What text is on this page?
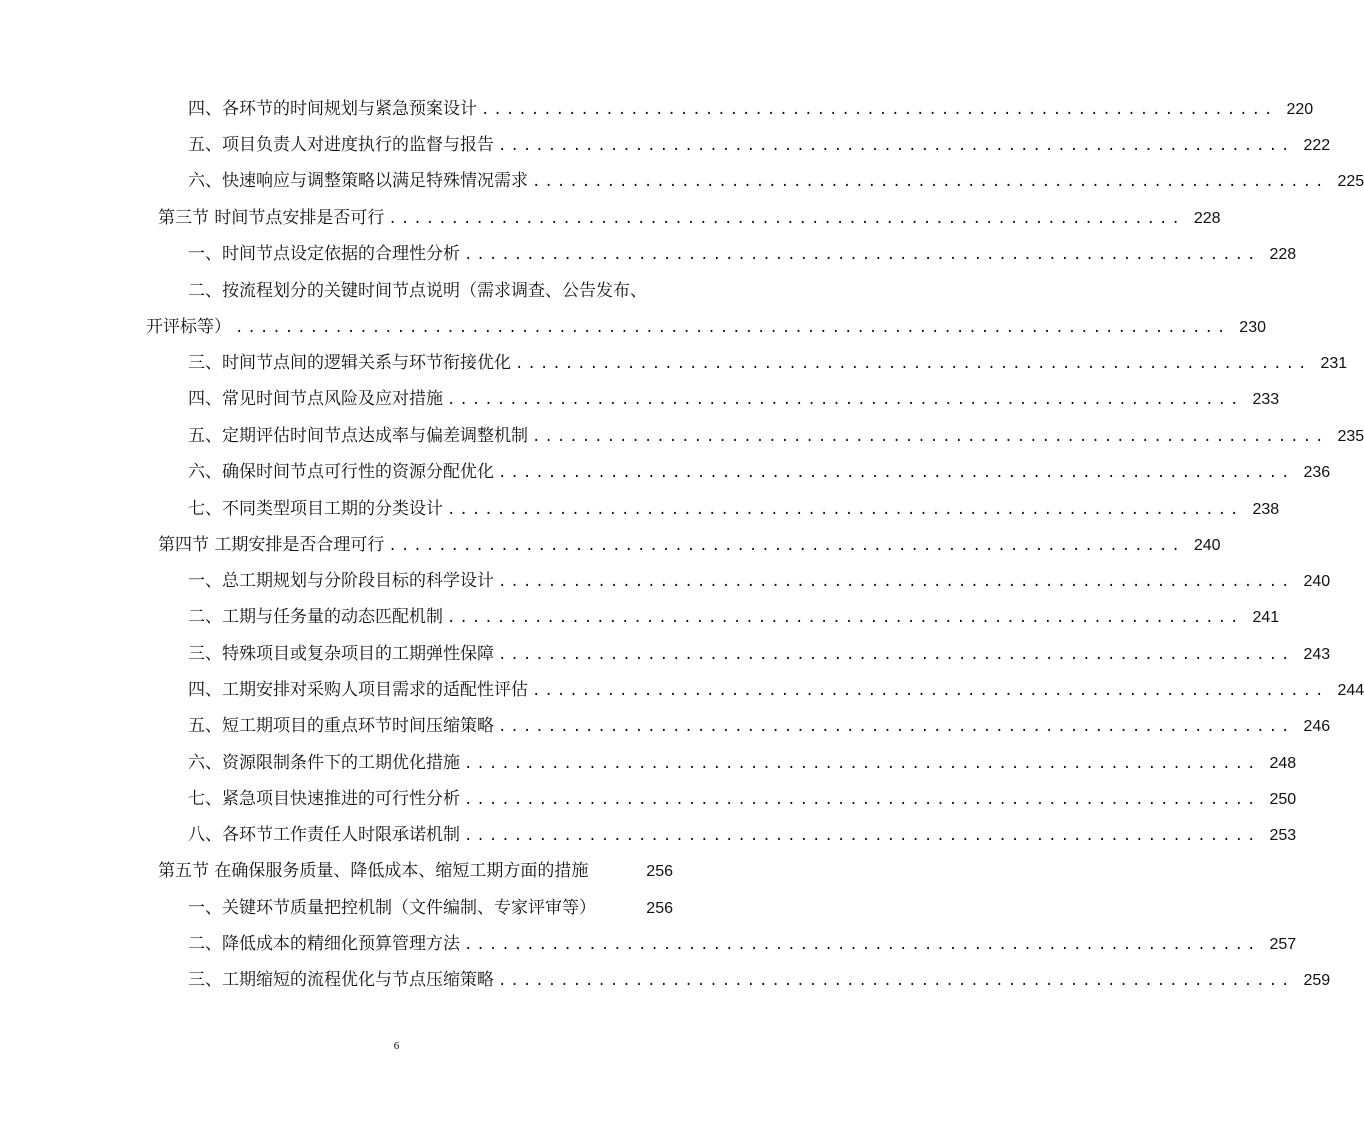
四、各环节的时间规划与紧急预案设计 ................................................................ 220
五、项目负责人对进度执行的监督与报告 ................................................................ 222
六、快速响应与调整策略以满足特殊情况需求 ................................................................ 225
第三节 时间节点安排是否可行 ................................................................ 228
一、时间节点设定依据的合理性分析 ................................................................ 228
二、按流程划分的关键时间节点说明（需求调查、公告发布、
开评标等） ................................................................................ 230
三、时间节点间的逻辑关系与环节衔接优化 ................................................................ 231
四、常见时间节点风险及应对措施 ................................................................ 233
五、定期评估时间节点达成率与偏差调整机制 ................................................................ 235
六、确保时间节点可行性的资源分配优化 ................................................................ 236
七、不同类型项目工期的分类设计 ................................................................ 238
第四节 工期安排是否合理可行 ................................................................ 240
一、总工期规划与分阶段目标的科学设计 ................................................................ 240
二、工期与任务量的动态匹配机制 ................................................................ 241
三、特殊项目或复杂项目的工期弹性保障 ................................................................ 243
四、工期安排对采购人项目需求的适配性评估 ................................................................ 244
五、短工期项目的重点环节时间压缩策略 ................................................................ 246
六、资源限制条件下的工期优化措施 ................................................................ 248
七、紧急项目快速推进的可行性分析 ................................................................ 250
八、各环节工作责任人时限承诺机制 ................................................................ 253
第五节 在确保服务质量、降低成本、缩短工期方面的措施	256
一、关键环节质量把控机制（文件编制、专家评审等）	256
二、降低成本的精细化预算管理方法 ................................................................ 257
三、工期缩短的流程优化与节点压缩策略 ................................................................ 259
6
